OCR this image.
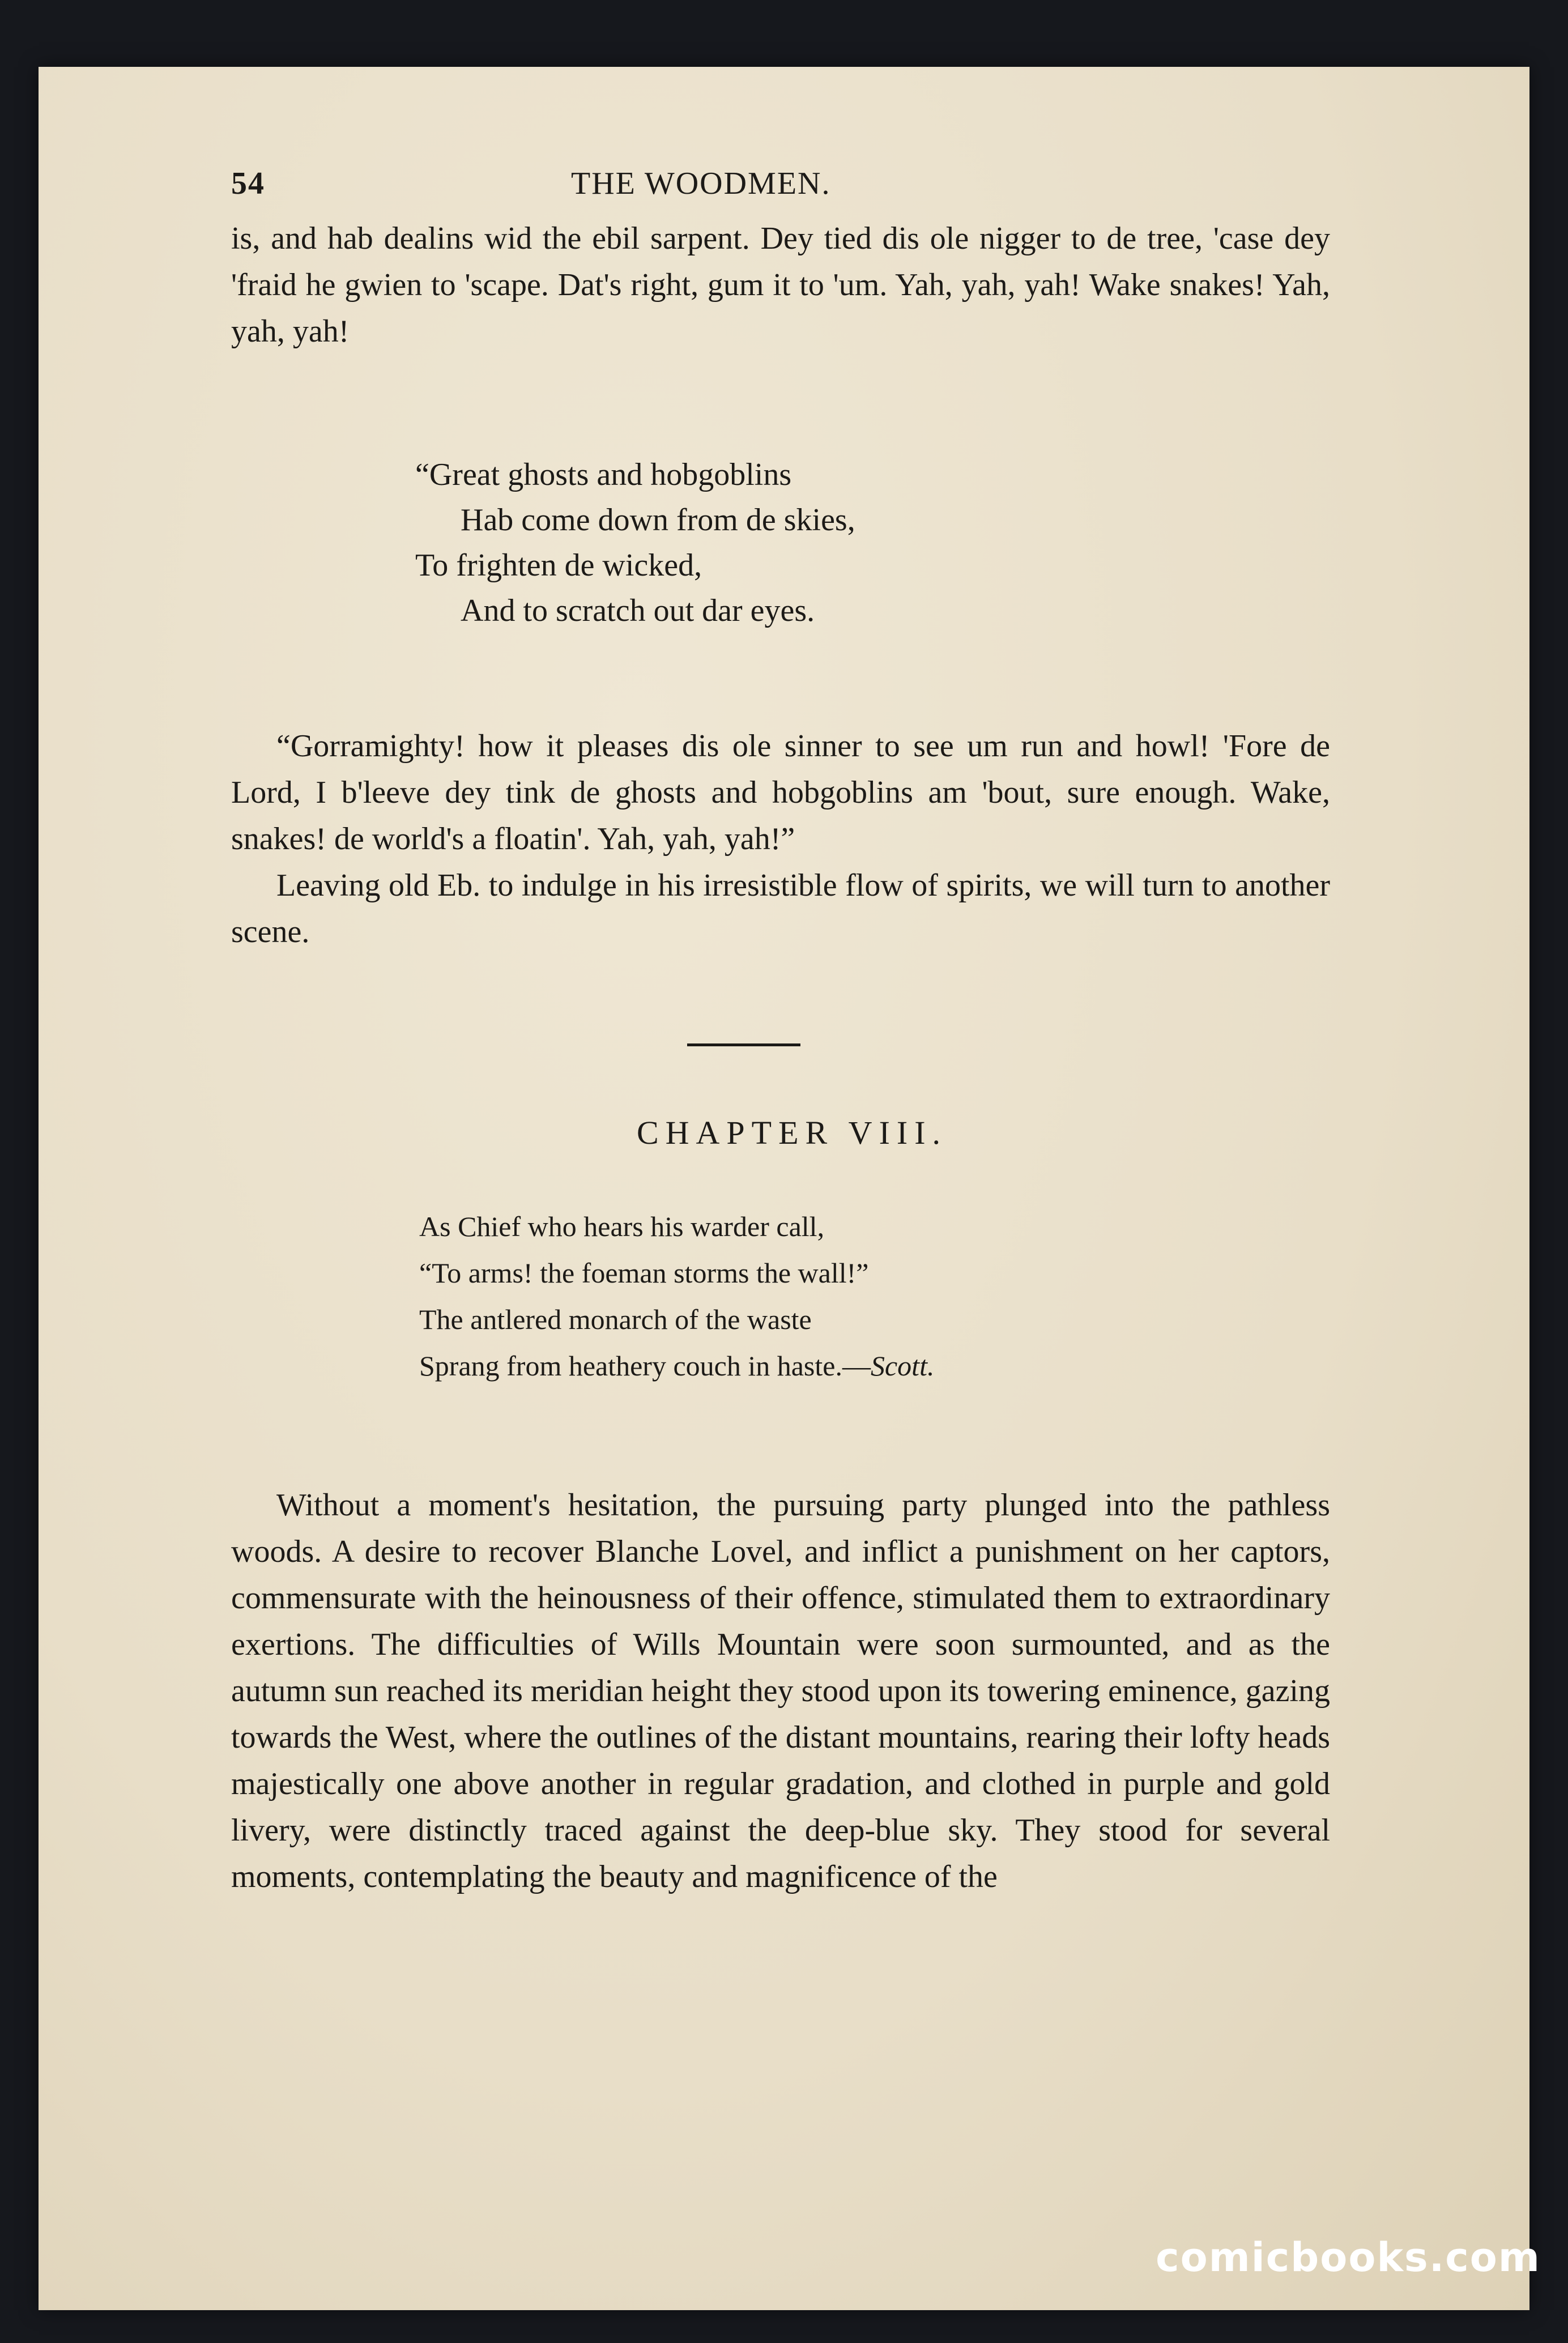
54	THE WOODMEN.

is, and hab dealins wid the ebil sarpent. Dey tied dis ole nigger to de tree, 'case dey 'fraid he gwien to 'scape. Dat's right, gum it to 'um. Yah, yah, yah! Wake snakes! Yah, yah, yah!

“Great ghosts and hobgoblins
Hab come down from de skies,
To frighten de wicked,
And to scratch out dar eyes.

“Gorramighty! how it pleases dis ole sinner to see um run and howl! 'Fore de Lord, I b'leeve dey tink de ghosts and hobgoblins am 'bout, sure enough. Wake, snakes! de world's a floatin'. Yah, yah, yah!”

Leaving old Eb. to indulge in his irresistible flow of spirits, we will turn to another scene.

CHAPTER VIII.
As Chief who hears his warder call,
“To arms! the foeman storms the wall!”
The antlered monarch of the waste
Sprang from heathery couch in haste.—Scott.

Without a moment's hesitation, the pursuing party plunged into the pathless woods. A desire to recover Blanche Lovel, and inflict a punishment on her captors, commensurate with the heinousness of their offence, stimulated them to extraordinary exertions. The difficulties of Wills Mountain were soon surmounted, and as the autumn sun reached its meridian height they stood upon its towering eminence, gazing towards the West, where the outlines of the distant mountains, rearing their lofty heads majestically one above another in regular gradation, and clothed in purple and gold livery, were distinctly traced against the deep-blue sky. They stood for several moments, contemplating the beauty and magnificence of the

comicbooks.com
